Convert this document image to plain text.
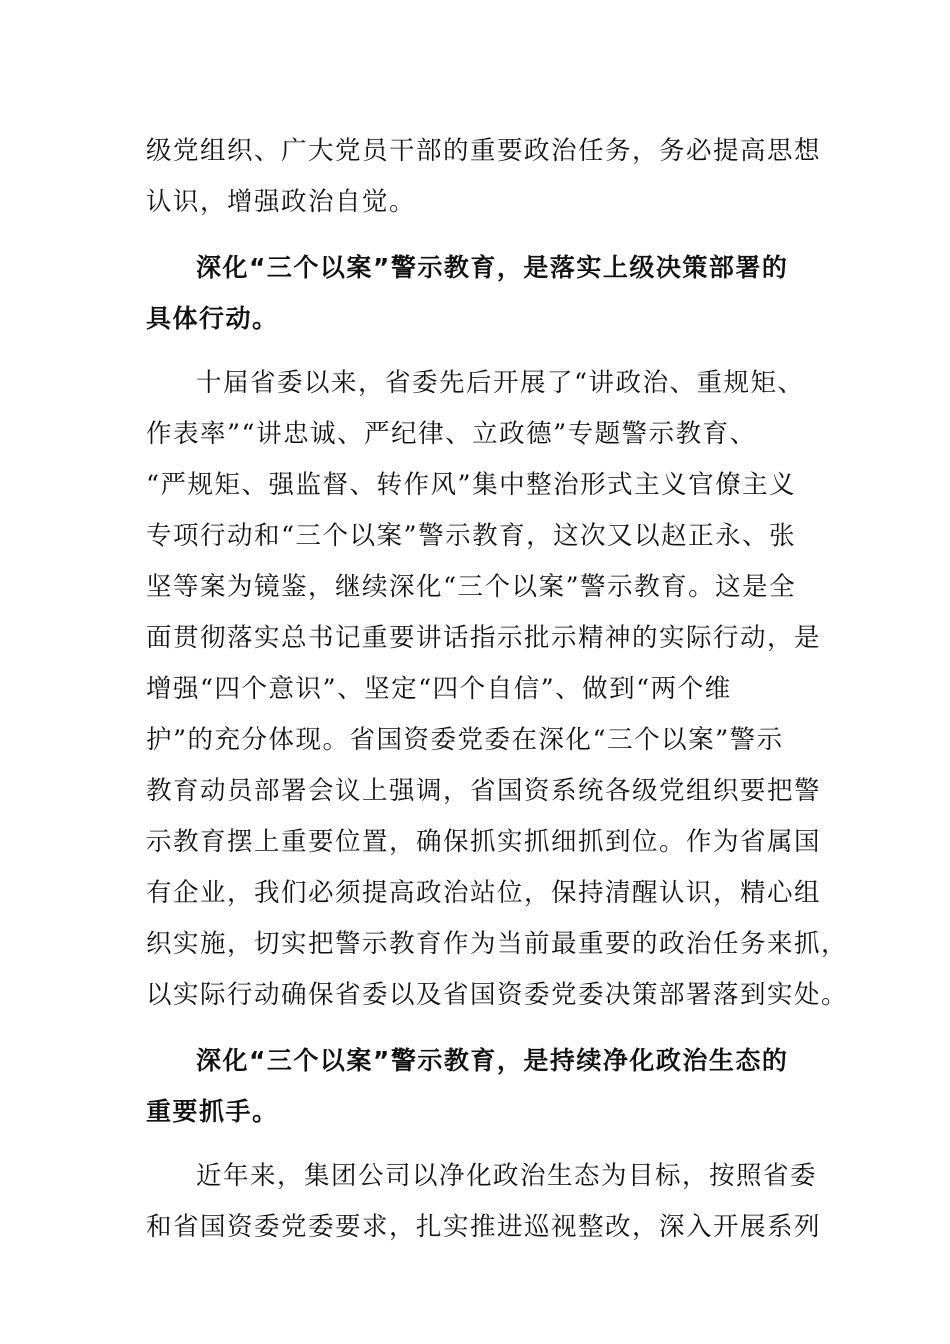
级党组织、广大党员干部的重要政治任务，务必提高思想
认识，增强政治自觉。
深化“三个以案”警示教育，是落实上级决策部署的
具体行动。
十届省委以来，省委先后开展了“讲政治、重规矩、
作表率”“讲忠诚、严纪律、立政德”专题警示教育、
“严规矩、强监督、转作风”集中整治形式主义官僚主义
专项行动和“三个以案”警示教育，这次又以赵正永、张
坚等案为镜鉴，继续深化“三个以案”警示教育。这是全
面贯彻落实总书记重要讲话指示批示精神的实际行动，是
增强“四个意识”、坚定“四个自信”、做到“两个维
护”的充分体现。省国资委党委在深化“三个以案”警示
教育动员部署会议上强调，省国资系统各级党组织要把警
示教育摆上重要位置，确保抓实抓细抓到位。作为省属国
有企业，我们必须提高政治站位，保持清醒认识，精心组
织实施，切实把警示教育作为当前最重要的政治任务来抓，
以实际行动确保省委以及省国资委党委决策部署落到实处。
深化“三个以案”警示教育，是持续净化政治生态的
重要抓手。
近年来，集团公司以净化政治生态为目标，按照省委
和省国资委党委要求，扎实推进巡视整改，深入开展系列
